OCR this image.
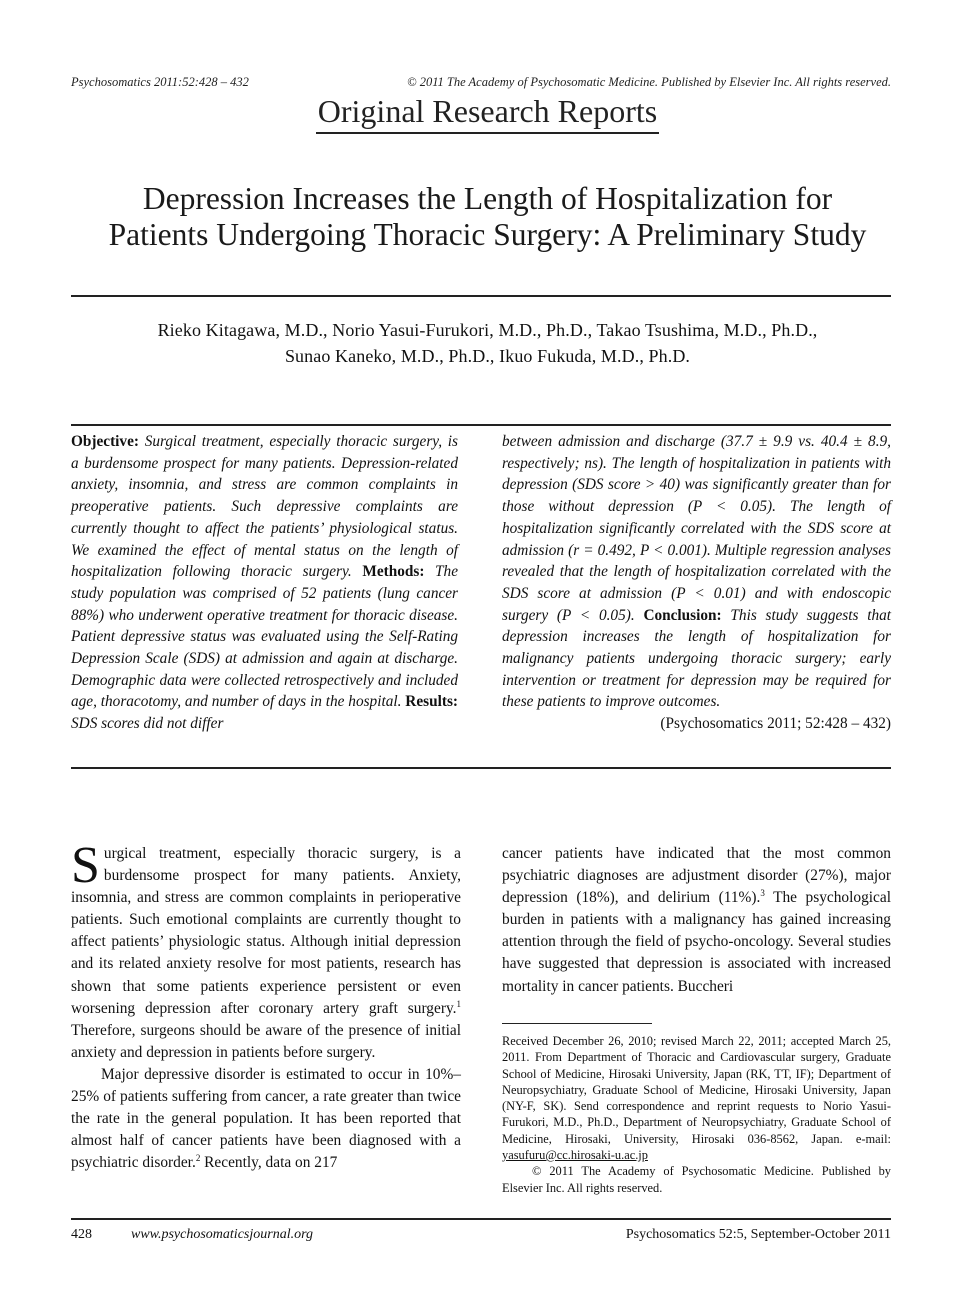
Psychosomatics 2011:52:428 – 432	© 2011 The Academy of Psychosomatic Medicine. Published by Elsevier Inc. All rights reserved.
Original Research Reports
Depression Increases the Length of Hospitalization for
Patients Undergoing Thoracic Surgery: A Preliminary Study
Rieko Kitagawa, M.D., Norio Yasui-Furukori, M.D., Ph.D., Takao Tsushima, M.D., Ph.D.,
Sunao Kaneko, M.D., Ph.D., Ikuo Fukuda, M.D., Ph.D.
Objective: Surgical treatment, especially thoracic surgery, is a burdensome prospect for many patients. Depression-related anxiety, insomnia, and stress are common complaints in preoperative patients. Such depressive complaints are currently thought to affect the patients’ physiological status. We examined the effect of mental status on the length of hospitalization following thoracic surgery. Methods: The study population was comprised of 52 patients (lung cancer 88%) who underwent operative treatment for thoracic disease. Patient depressive status was evaluated using the Self-Rating Depression Scale (SDS) at admission and again at discharge. Demographic data were collected retrospectively and included age, thoracotomy, and number of days in the hospital. Results: SDS scores did not differ
between admission and discharge (37.7 ± 9.9 vs. 40.4 ± 8.9, respectively; ns). The length of hospitalization in patients with depression (SDS score > 40) was significantly greater than for those without depression (P < 0.05). The length of hospitalization significantly correlated with the SDS score at admission (r = 0.492, P < 0.001). Multiple regression analyses revealed that the length of hospitalization correlated with the SDS score at admission (P < 0.01) and with endoscopic surgery (P < 0.05). Conclusion: This study suggests that depression increases the length of hospitalization for malignancy patients undergoing thoracic surgery; early intervention or treatment for depression may be required for these patients to improve outcomes.
(Psychosomatics 2011; 52:428 – 432)

Surgical treatment, especially thoracic surgery, is a burdensome prospect for many patients. Anxiety, insomnia, and stress are common complaints in perioperative patients. Such emotional complaints are currently thought to affect patients’ physiologic status. Although initial depression and its related anxiety resolve for most patients, research has shown that some patients experience persistent or even worsening depression after coronary artery graft surgery.$^1$ Therefore, surgeons should be aware of the presence of initial anxiety and depression in patients before surgery.

Major depressive disorder is estimated to occur in 10%–25% of patients suffering from cancer, a rate greater than twice the rate in the general population. It has been reported that almost half of cancer patients have been diagnosed with a psychiatric disorder.$^2$ Recently, data on 217

cancer patients have indicated that the most common psychiatric diagnoses are adjustment disorder (27%), major depression (18%), and delirium (11%).$^3$ The psychological burden in patients with a malignancy has gained increasing attention through the field of psycho-oncology. Several studies have suggested that depression is associated with increased mortality in cancer patients. Buccheri

Received December 26, 2010; revised March 22, 2011; accepted March 25, 2011. From Department of Thoracic and Cardiovascular surgery, Graduate School of Medicine, Hirosaki University, Japan (RK, TT, IF); Department of Neuropsychiatry, Graduate School of Medicine, Hirosaki University, Japan (NY-F, SK). Send correspondence and reprint requests to Norio Yasui-Furukori, M.D., Ph.D., Department of Neuropsychiatry, Graduate School of Medicine, Hirosaki, University, Hirosaki 036-8562, Japan. e-mail: yasufuru@cc.hirosaki-u.ac.jp

© 2011 The Academy of Psychosomatic Medicine. Published by Elsevier Inc. All rights reserved.

428	www.psychosomaticsjournal.org	Psychosomatics 52:5, September-October 2011
